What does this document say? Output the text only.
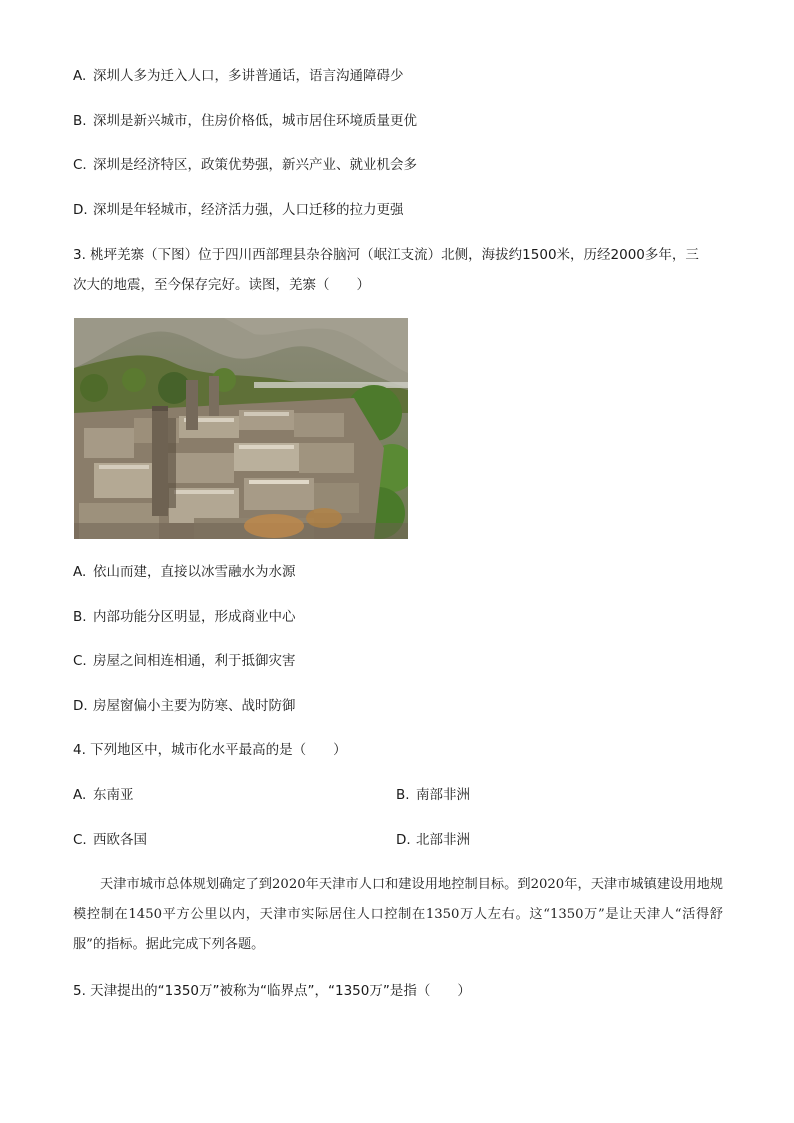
A. 深圳人多为迁入人口，多讲普通话，语言沟通障碍少
B. 深圳是新兴城市，住房价格低，城市居住环境质量更优
C. 深圳是经济特区，政策优势强，新兴产业、就业机会多
D. 深圳是年轻城市，经济活力强，人口迁移的拉力更强
3. 桃坪羌寨（下图）位于四川西部理县杂谷脑河（岷江支流）北侧，海拔约1500米，历经2000多年，三
次大的地震，至今保存完好。读图，羌寨（　　）
A. 依山而建，直接以冰雪融水为水源
B. 内部功能分区明显，形成商业中心
C. 房屋之间相连相通，利于抵御灾害
D. 房屋窗偏小主要为防寒、战时防御
4. 下列地区中，城市化水平最高的是（　　）
A. 东南亚	B. 南部非洲
C. 西欧各国	D. 北部非洲
天津市城市总体规划确定了到2020年天津市人口和建设用地控制目标。到2020年，天津市城镇建设用地规模控制在1450平方公里以内，天津市实际居住人口控制在1350万人左右。这“1350万”是让天津人“活得舒服”的指标。据此完成下列各题。
5. 天津提出的“1350万”被称为“临界点”，“1350万”是指（　　）
